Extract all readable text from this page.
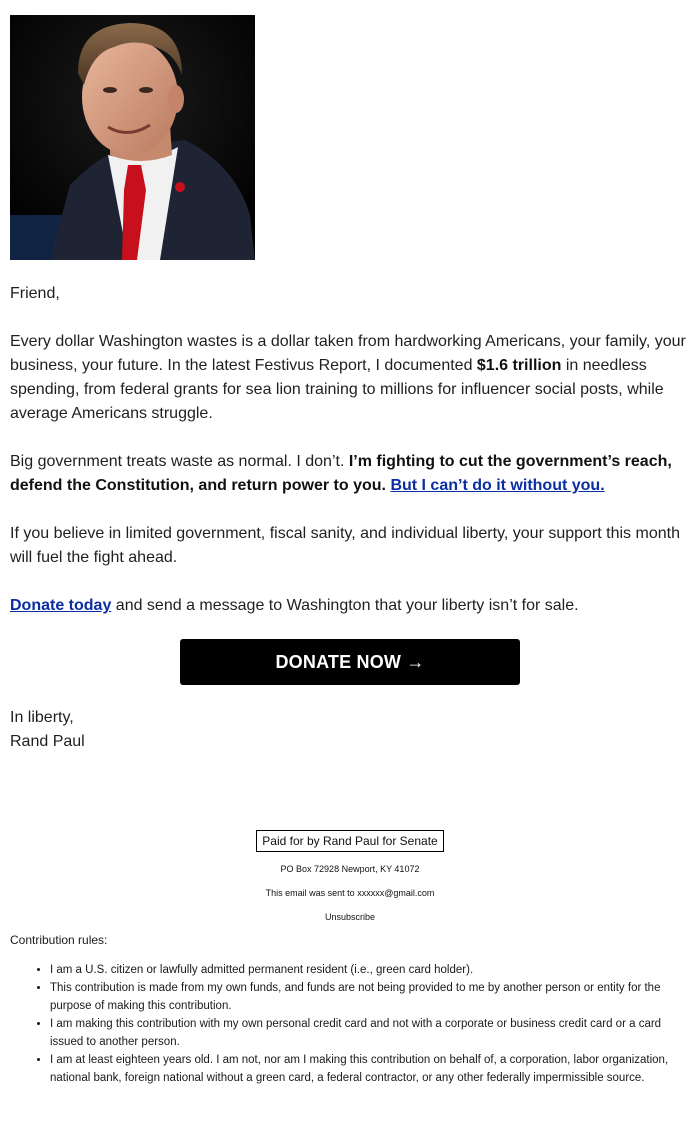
Friend,

Every dollar Washington wastes is a dollar taken from hardworking Americans, your family, your business, your future. In the latest Festivus Report, I documented $1.6 trillion in needless spending, from federal grants for sea lion training to millions for influencer social posts, while average Americans struggle.

Big government treats waste as normal. I don’t. I’m fighting to cut the government’s reach, defend the Constitution, and return power to you. But I can’t do it without you.

If you believe in limited government, fiscal sanity, and individual liberty, your support this month will fuel the fight ahead.

Donate today and send a message to Washington that your liberty isn’t for sale.

DONATE NOW →
In liberty,
Rand Paul
Paid for by Rand Paul for Senate
PO Box 72928 Newport, KY 41072
This email was sent to xxxxxx@gmail.com
Unsubscribe
Contribution rules:
• I am a U.S. citizen or lawfully admitted permanent resident (i.e., green card holder).
• This contribution is made from my own funds, and funds are not being provided to me by another person or entity for the purpose of making this contribution.
• I am making this contribution with my own personal credit card and not with a corporate or business credit card or a card issued to another person.
• I am at least eighteen years old. I am not, nor am I making this contribution on behalf of, a corporation, labor organization, national bank, foreign national without a green card, a federal contractor, or any other federally impermissible source.
